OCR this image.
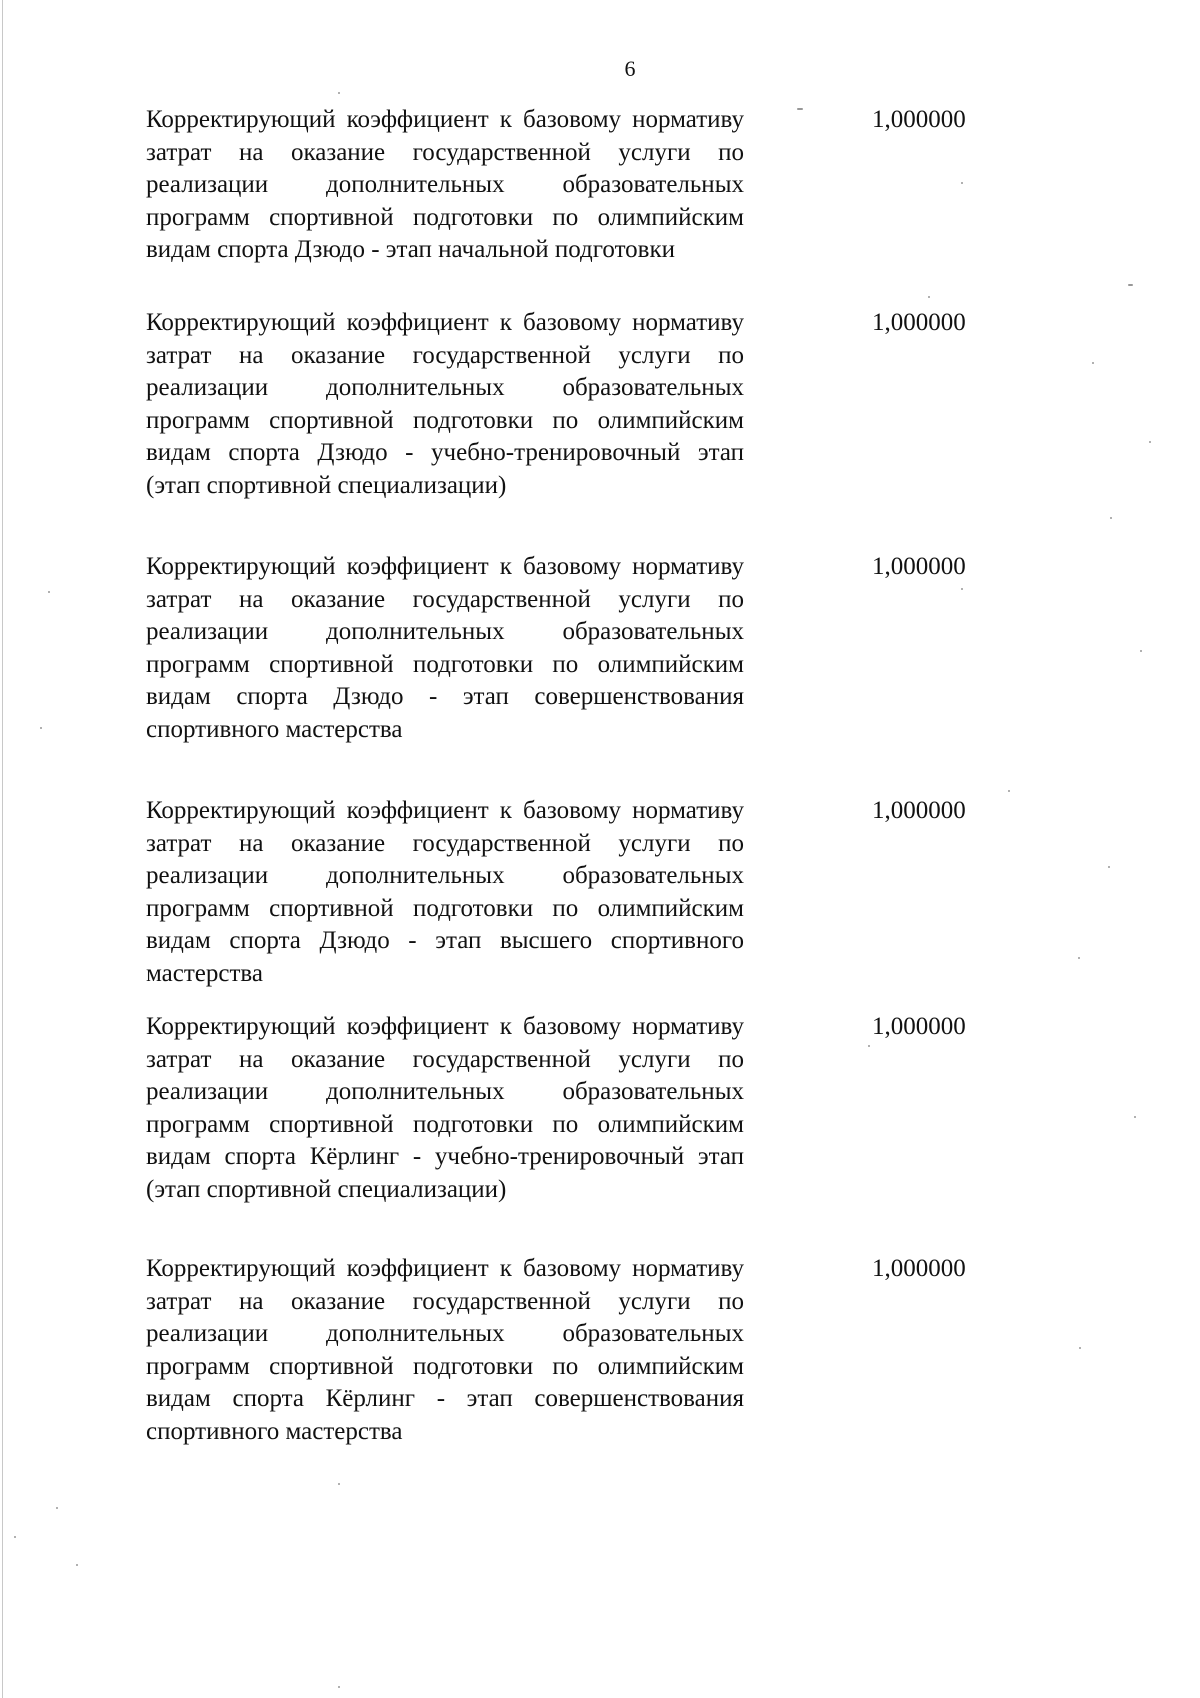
6

Корректирующий коэффициент к базовому нормативу затрат на оказание государственной услуги по реализации дополнительных образовательных программ спортивной подготовки по олимпийским видам спорта Дзюдо - этап начальной подготовки

1,000000

Корректирующий коэффициент к базовому нормативу затрат на оказание государственной услуги по реализации дополнительных образовательных программ спортивной подготовки по олимпийским видам спорта Дзюдо - учебно-тренировочный этап (этап спортивной специализации)

1,000000

Корректирующий коэффициент к базовому нормативу затрат на оказание государственной услуги по реализации дополнительных образовательных программ спортивной подготовки по олимпийским видам спорта Дзюдо - этап совершенствования спортивного мастерства

1,000000

Корректирующий коэффициент к базовому нормативу затрат на оказание государственной услуги по реализации дополнительных образовательных программ спортивной подготовки по олимпийским видам спорта Дзюдо - этап высшего спортивного мастерства

1,000000

Корректирующий коэффициент к базовому нормативу затрат на оказание государственной услуги по реализации дополнительных образовательных программ спортивной подготовки по олимпийским видам спорта Кёрлинг - учебно-тренировочный этап (этап спортивной специализации)

1,000000

Корректирующий коэффициент к базовому нормативу затрат на оказание государственной услуги по реализации дополнительных образовательных программ спортивной подготовки по олимпийским видам спорта Кёрлинг - этап совершенствования спортивного мастерства

1,000000
